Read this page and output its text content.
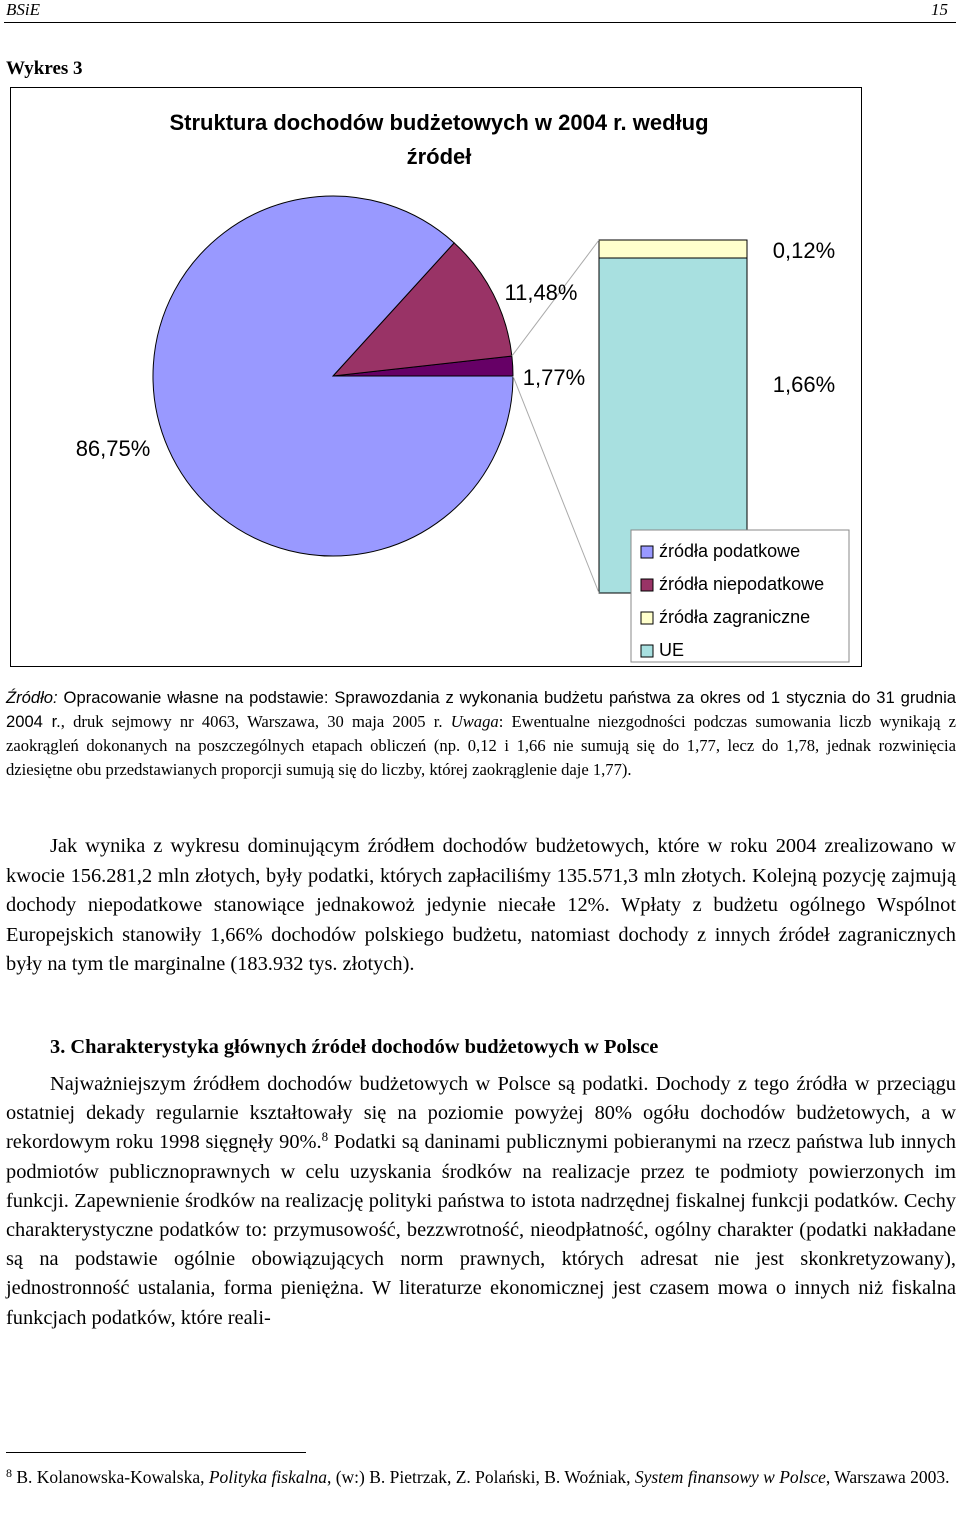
BSiE	15
Wykres 3
Struktura dochodów budżetowych w 2004 r. według
źródeł
86,75%
11,48%
1,77%
0,12%
1,66%
źródła podatkowe
źródła niepodatkowe
źródła zagraniczne
UE
Źródło: Opracowanie własne na podstawie: Sprawozdania z wykonania budżetu państwa za okres od 1 stycznia do 31 grudnia 2004 r., druk sejmowy nr 4063, Warszawa, 30 maja 2005 r. Uwaga: Ewentualne niezgodności podczas sumowania liczb wynikają z zaokrągleń dokonanych na poszczególnych etapach obliczeń (np. 0,12 i 1,66 nie sumują się do 1,77, lecz do 1,78, jednak rozwinięcia dziesiętne obu przedstawianych proporcji sumują się do liczby, której zaokrąglenie daje 1,77).
Jak wynika z wykresu dominującym źródłem dochodów budżetowych, które w roku 2004 zrealizowano w kwocie 156.281,2 mln złotych, były podatki, których zapłaciliśmy 135.571,3 mln złotych. Kolejną pozycję zajmują dochody niepodatkowe stanowiące jednakowoż jedynie niecałe 12%. Wpłaty z budżetu ogólnego Wspólnot Europejskich stanowiły 1,66% dochodów polskiego budżetu, natomiast dochody z innych źródeł zagranicznych były na tym tle marginalne (183.932 tys. złotych).
3. Charakterystyka głównych źródeł dochodów budżetowych w Polsce
Najważniejszym źródłem dochodów budżetowych w Polsce są podatki. Dochody z tego źródła w przeciągu ostatniej dekady regularnie kształtowały się na poziomie powyżej 80% ogółu dochodów budżetowych, a w rekordowym roku 1998 sięgnęły 90%.$^8$ Podatki są daninami publicznymi pobieranymi na rzecz państwa lub innych podmiotów publicznoprawnych w celu uzyskania środków na realizacje przez te podmioty powierzonych im funkcji. Zapewnienie środków na realizację polityki państwa to istota nadrzędnej fiskalnej funkcji podatków. Cechy charakterystyczne podatków to: przymusowość, bezzwrotność, nieodpłatność, ogólny charakter (podatki nakładane są na podstawie ogólnie obowiązujących norm prawnych, których adresat nie jest skonkretyzowany), jednostronność ustalania, forma pieniężna. W literaturze ekonomicznej jest czasem mowa o innych niż fiskalna funkcjach podatków, które reali-
$^8$ B. Kolanowska-Kowalska, Polityka fiskalna, (w:) B. Pietrzak, Z. Polański, B. Woźniak, System finansowy w Polsce, Warszawa 2003.
